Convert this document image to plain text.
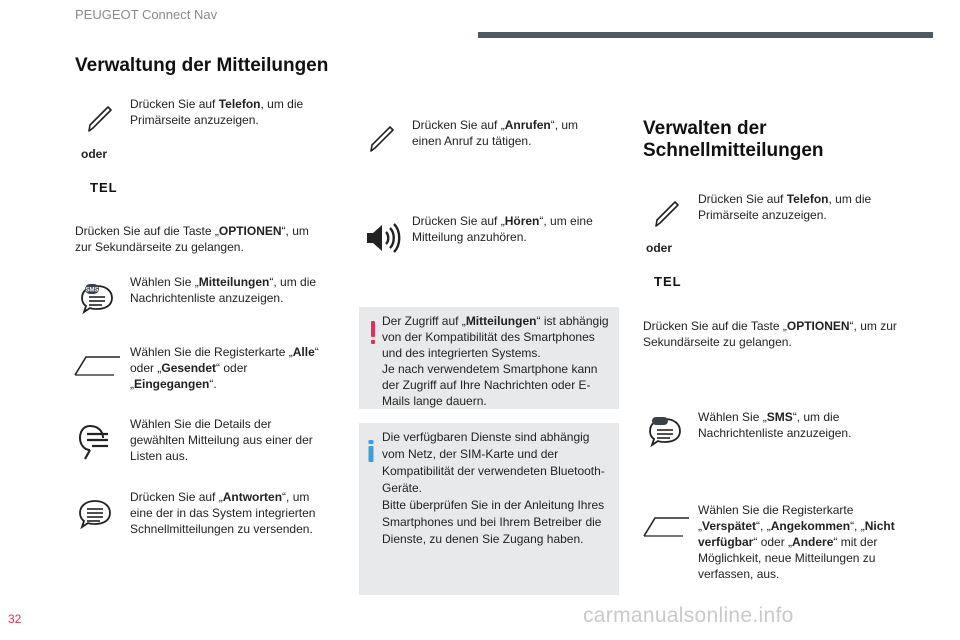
PEUGEOT Connect Nav
Verwaltung der Mitteilungen
Drücken Sie auf Telefon, um die Primärseite anzuzeigen.
oder
TEL
Drücken Sie auf die Taste „OPTIONEN“, um zur Sekundärseite zu gelangen.
SMS
Wählen Sie „Mitteilungen“, um die Nachrichtenliste anzuzeigen.
Wählen Sie die Registerkarte „Alle“ oder „Gesendet“ oder „Eingegangen“.
Wählen Sie die Details der gewählten Mitteilung aus einer der Listen aus.
Drücken Sie auf „Antworten“, um eine der in das System integrierten Schnellmitteilungen zu versenden.
Drücken Sie auf „Anrufen“, um einen Anruf zu tätigen.
Drücken Sie auf „Hören“, um eine Mitteilung anzuhören.
Der Zugriff auf „Mitteilungen“ ist abhängig von der Kompatibilität des Smartphones und des integrierten Systems.
Je nach verwendetem Smartphone kann der Zugriff auf Ihre Nachrichten oder E-Mails lange dauern.
Die verfügbaren Dienste sind abhängig vom Netz, der SIM-Karte und der Kompatibilität der verwendeten Bluetooth-Geräte.
Bitte überprüfen Sie in der Anleitung Ihres Smartphones und bei Ihrem Betreiber die Dienste, zu denen Sie Zugang haben.
Verwalten der
Schnellmitteilungen
Drücken Sie auf Telefon, um die Primärseite anzuzeigen.
oder
TEL
Drücken Sie auf die Taste „OPTIONEN“, um zur Sekundärseite zu gelangen.
Wählen Sie „SMS“, um die Nachrichtenliste anzuzeigen.
Wählen Sie die Registerkarte „Verspätet“, „Angekommen“, „Nicht verfügbar“ oder „Andere“ mit der Möglichkeit, neue Mitteilungen zu verfassen, aus.
32	carmanualsonline.info
